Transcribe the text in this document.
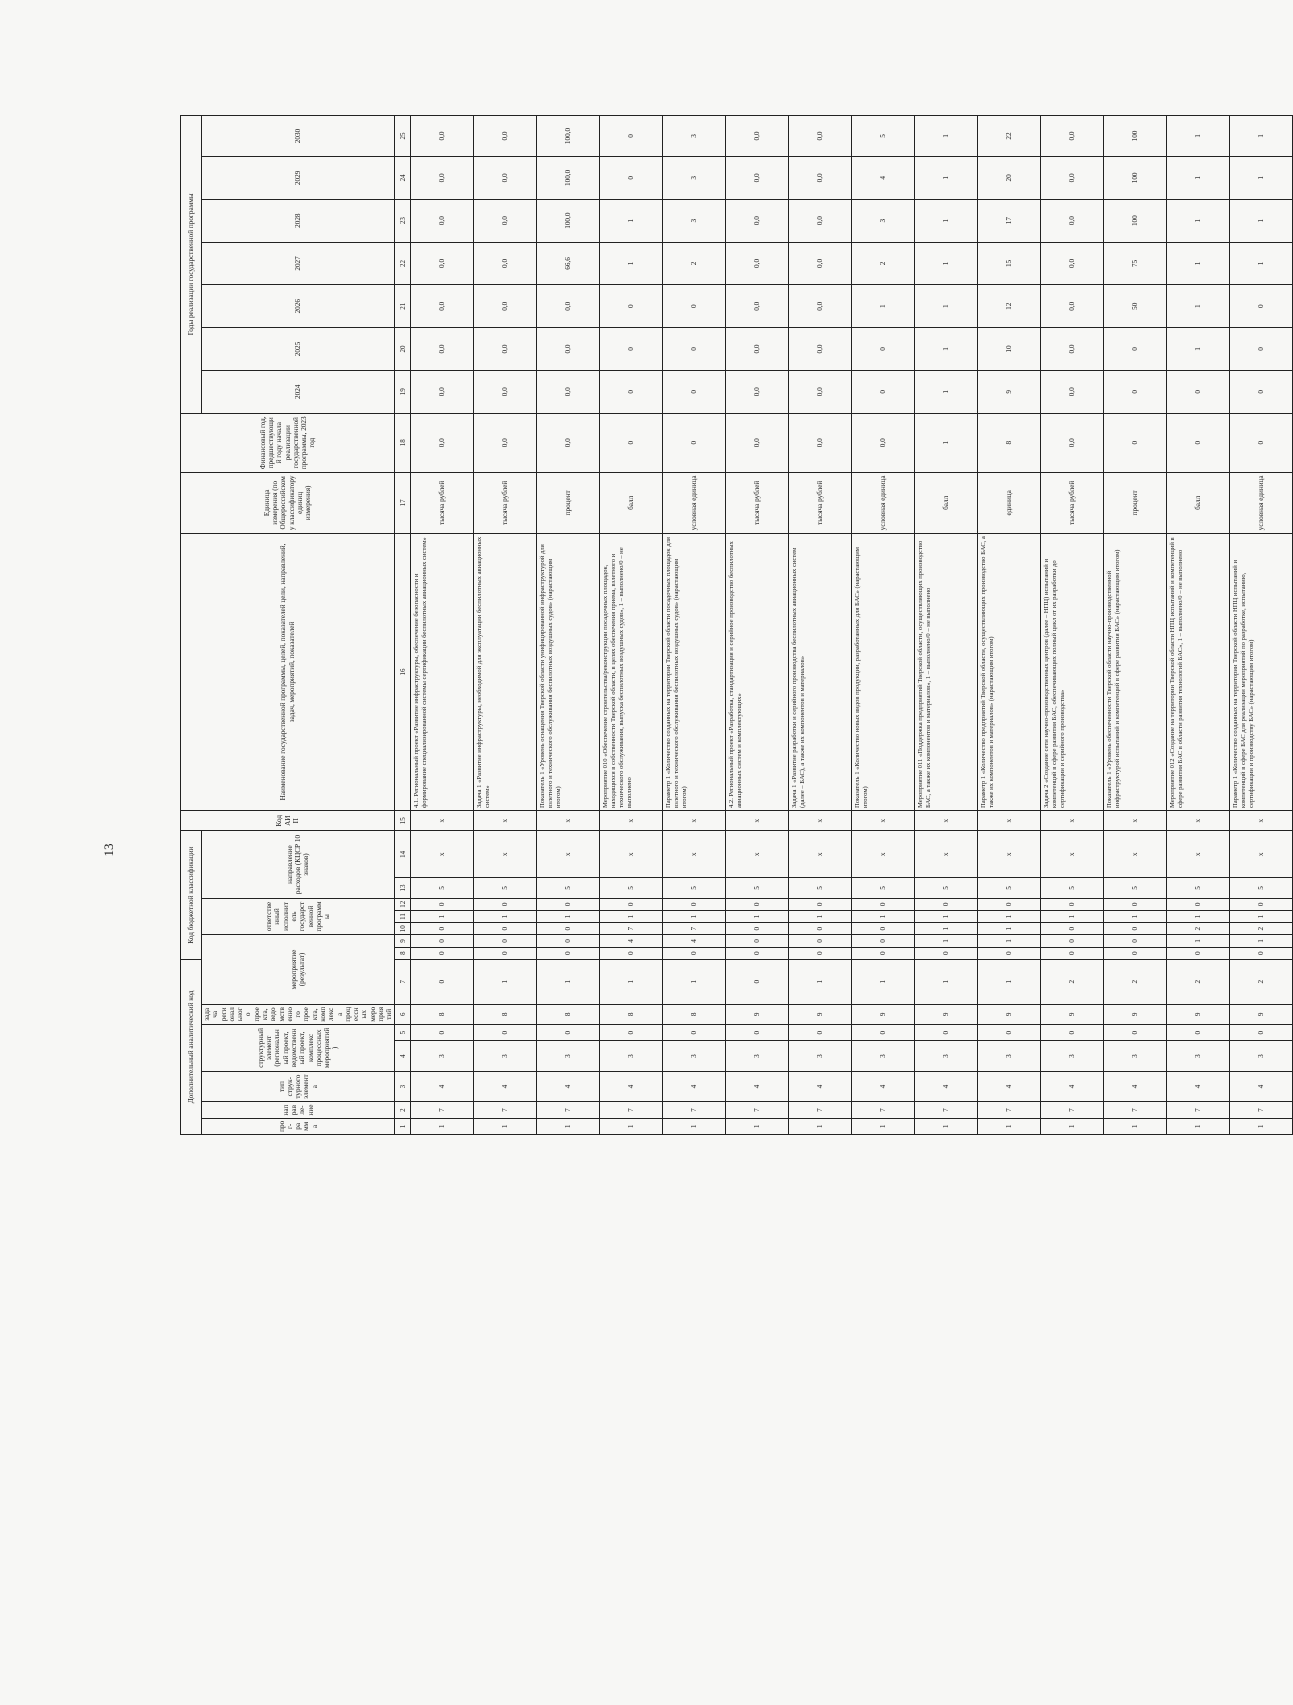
13
Дополнительный аналитический код							Код бюджетной классификации							Код АИП	Наименование государственной программы, целей, показателей цели, направлений, задач, мероприятий, показателей	Единица измерения (по Общероссийскому классификатору единиц измерения)	Финансовый год, предшествующий году начала реализации государственной программы, 2023 год	Годы реализации государственной программы						
прог-рамма	направле-ние	тип струк-турного элемента	структурный элемент (региональный проект, ведомственный проект, комплекс процессных мероприятий)		задача регионального проекта, ведомственного проекта, комплекса процессных мероприятий	мероприятие (результат)			ответственный исполнитель государственной программы			направление расходов (КЦСР 10 знаков)						2024	2025	2026	2027	2028	2029	2030

1	2	3	4	5	6	7	8	9	10	11	12	13	14	15	16	17	18	19	20	21	22	23	24	25
1	7	4	3	0	8	0	0	0	0	1	0	5	x	x	4.1. Региональный проект «Развитие инфраструктуры, обеспечение безопасности и формирование специализированной системы сертификации беспилотных авиационных систем»	тысяча рублей	0,0	0,0	0,0	0,0	0,0	0,0	0,0	0,0
1	7	4	3	0	8	1	0	0	0	1	0	5	x	x	Задача 1 «Развитие инфраструктуры, необходимой для эксплуатации беспилотных авиационных систем»	тысяча рублей	0,0	0,0	0,0	0,0	0,0	0,0	0,0	0,0
1	7	4	3	0	8	1	0	0	0	1	0	5	x	x	Показатель 1 «Уровень оснащения Тверской области унифицированной инфраструктурой для взлетного и технического обслуживания беспилотных воздушных судов» (нарастающим итогом)	процент	0,0	0,0	0,0	0,0	66,6	100,0	100,0	100,0
1	7	4	3	0	8	1	0	4	7	1	0	5	x	x	Мероприятие 010 «Обеспечение строительства/реконструкции посадочных площадок, находящихся в собственности Тверской области, в целях обеспечения приема, взлетного и технического обслуживания, выпуска беспилотных воздушных судов», 1 – выполнено/0 – не выполнено	балл	0	0	0	0	1	1	0	0
1	7	4	3	0	8	1	0	4	7	1	0	5	x	x	Параметр 1 «Количество созданных на территории Тверской области посадочных площадок для взлетного и технического обслуживания беспилотных воздушных судов» (нарастающим итогом)	условная единица	0	0	0	0	2	3	3	3
1	7	4	3	0	9	0	0	0	0	1	0	5	x	x	4.2. Региональный проект «Разработка, стандартизация и серийное производство беспилотных авиационных систем и комплектующих»	тысяча рублей	0,0	0,0	0,0	0,0	0,0	0,0	0,0	0,0
1	7	4	3	0	9	1	0	0	0	1	0	5	x	x	Задача 1 «Развитие разработки и серийного производства беспилотных авиационных систем (далее – БАС), а также их компонентов и материалов»	тысяча рублей	0,0	0,0	0,0	0,0	0,0	0,0	0,0	0,0
1	7	4	3	0	9	1	0	0	0	1	0	5	x	x	Показатель 1 «Количество новых видов продукции, разработанных для БАС» (нарастающим итогом)	условная единица	0,0	0	0	1	2	3	4	5
1	7	4	3	0	9	1	0	1	1	1	0	5	x	x	Мероприятие 011 «Поддержка предприятий Тверской области, осуществляющих производство БАС, а также их компонентов и материалов», 1 – выполнено/0 – не выполнено	балл	1	1	1	1	1	1	1	1
1	7	4	3	0	9	1	0	1	1	1	0	5	x	x	Параметр 1 «Количество предприятий Тверской области, осуществляющих производство БАС, а также их компонентов и материалов» (нарастающим итогом)	единица	8	9	10	12	15	17	20	22
1	7	4	3	0	9	2	0	0	0	1	0	5	x	x	Задача 2 «Создание сети научно-производственных центров (далее – НПЦ) испытаний и компетенций в сфере развития БАС, обеспечивающих полный цикл от их разработки до сертификации и серийного производства»	тысяча рублей	0,0	0,0	0,0	0,0	0,0	0,0	0,0	0,0
1	7	4	3	0	9	2	0	0	0	1	0	5	x	x	Показатель 1 «Уровень обеспеченности Тверской области научно-производственной инфраструктурой испытаний и компетенций в сфере развития БАС» (нарастающим итогом)	процент	0	0	0	50	75	100	100	100
1	7	4	3	0	9	2	0	1	2	1	0	5	x	x	Мероприятие 012 «Создание на территории Тверской области НПЦ испытаний и компетенций в сфере развития БАС в области развития технологий БАС», 1 – выполнено/0 – не выполнено	балл	0	0	1	1	1	1	1	1
1	7	4	3	0	9	2	0	1	2	1	0	5	x	x	Параметр 1 «Количество созданных на территории Тверской области НПЦ испытаний и компетенций в сфере БАС для реализации мероприятий по разработке, испытанию, сертификации и производству БАС» (нарастающим итогом)	условная единица	0	0	0	0	1	1	1	1
